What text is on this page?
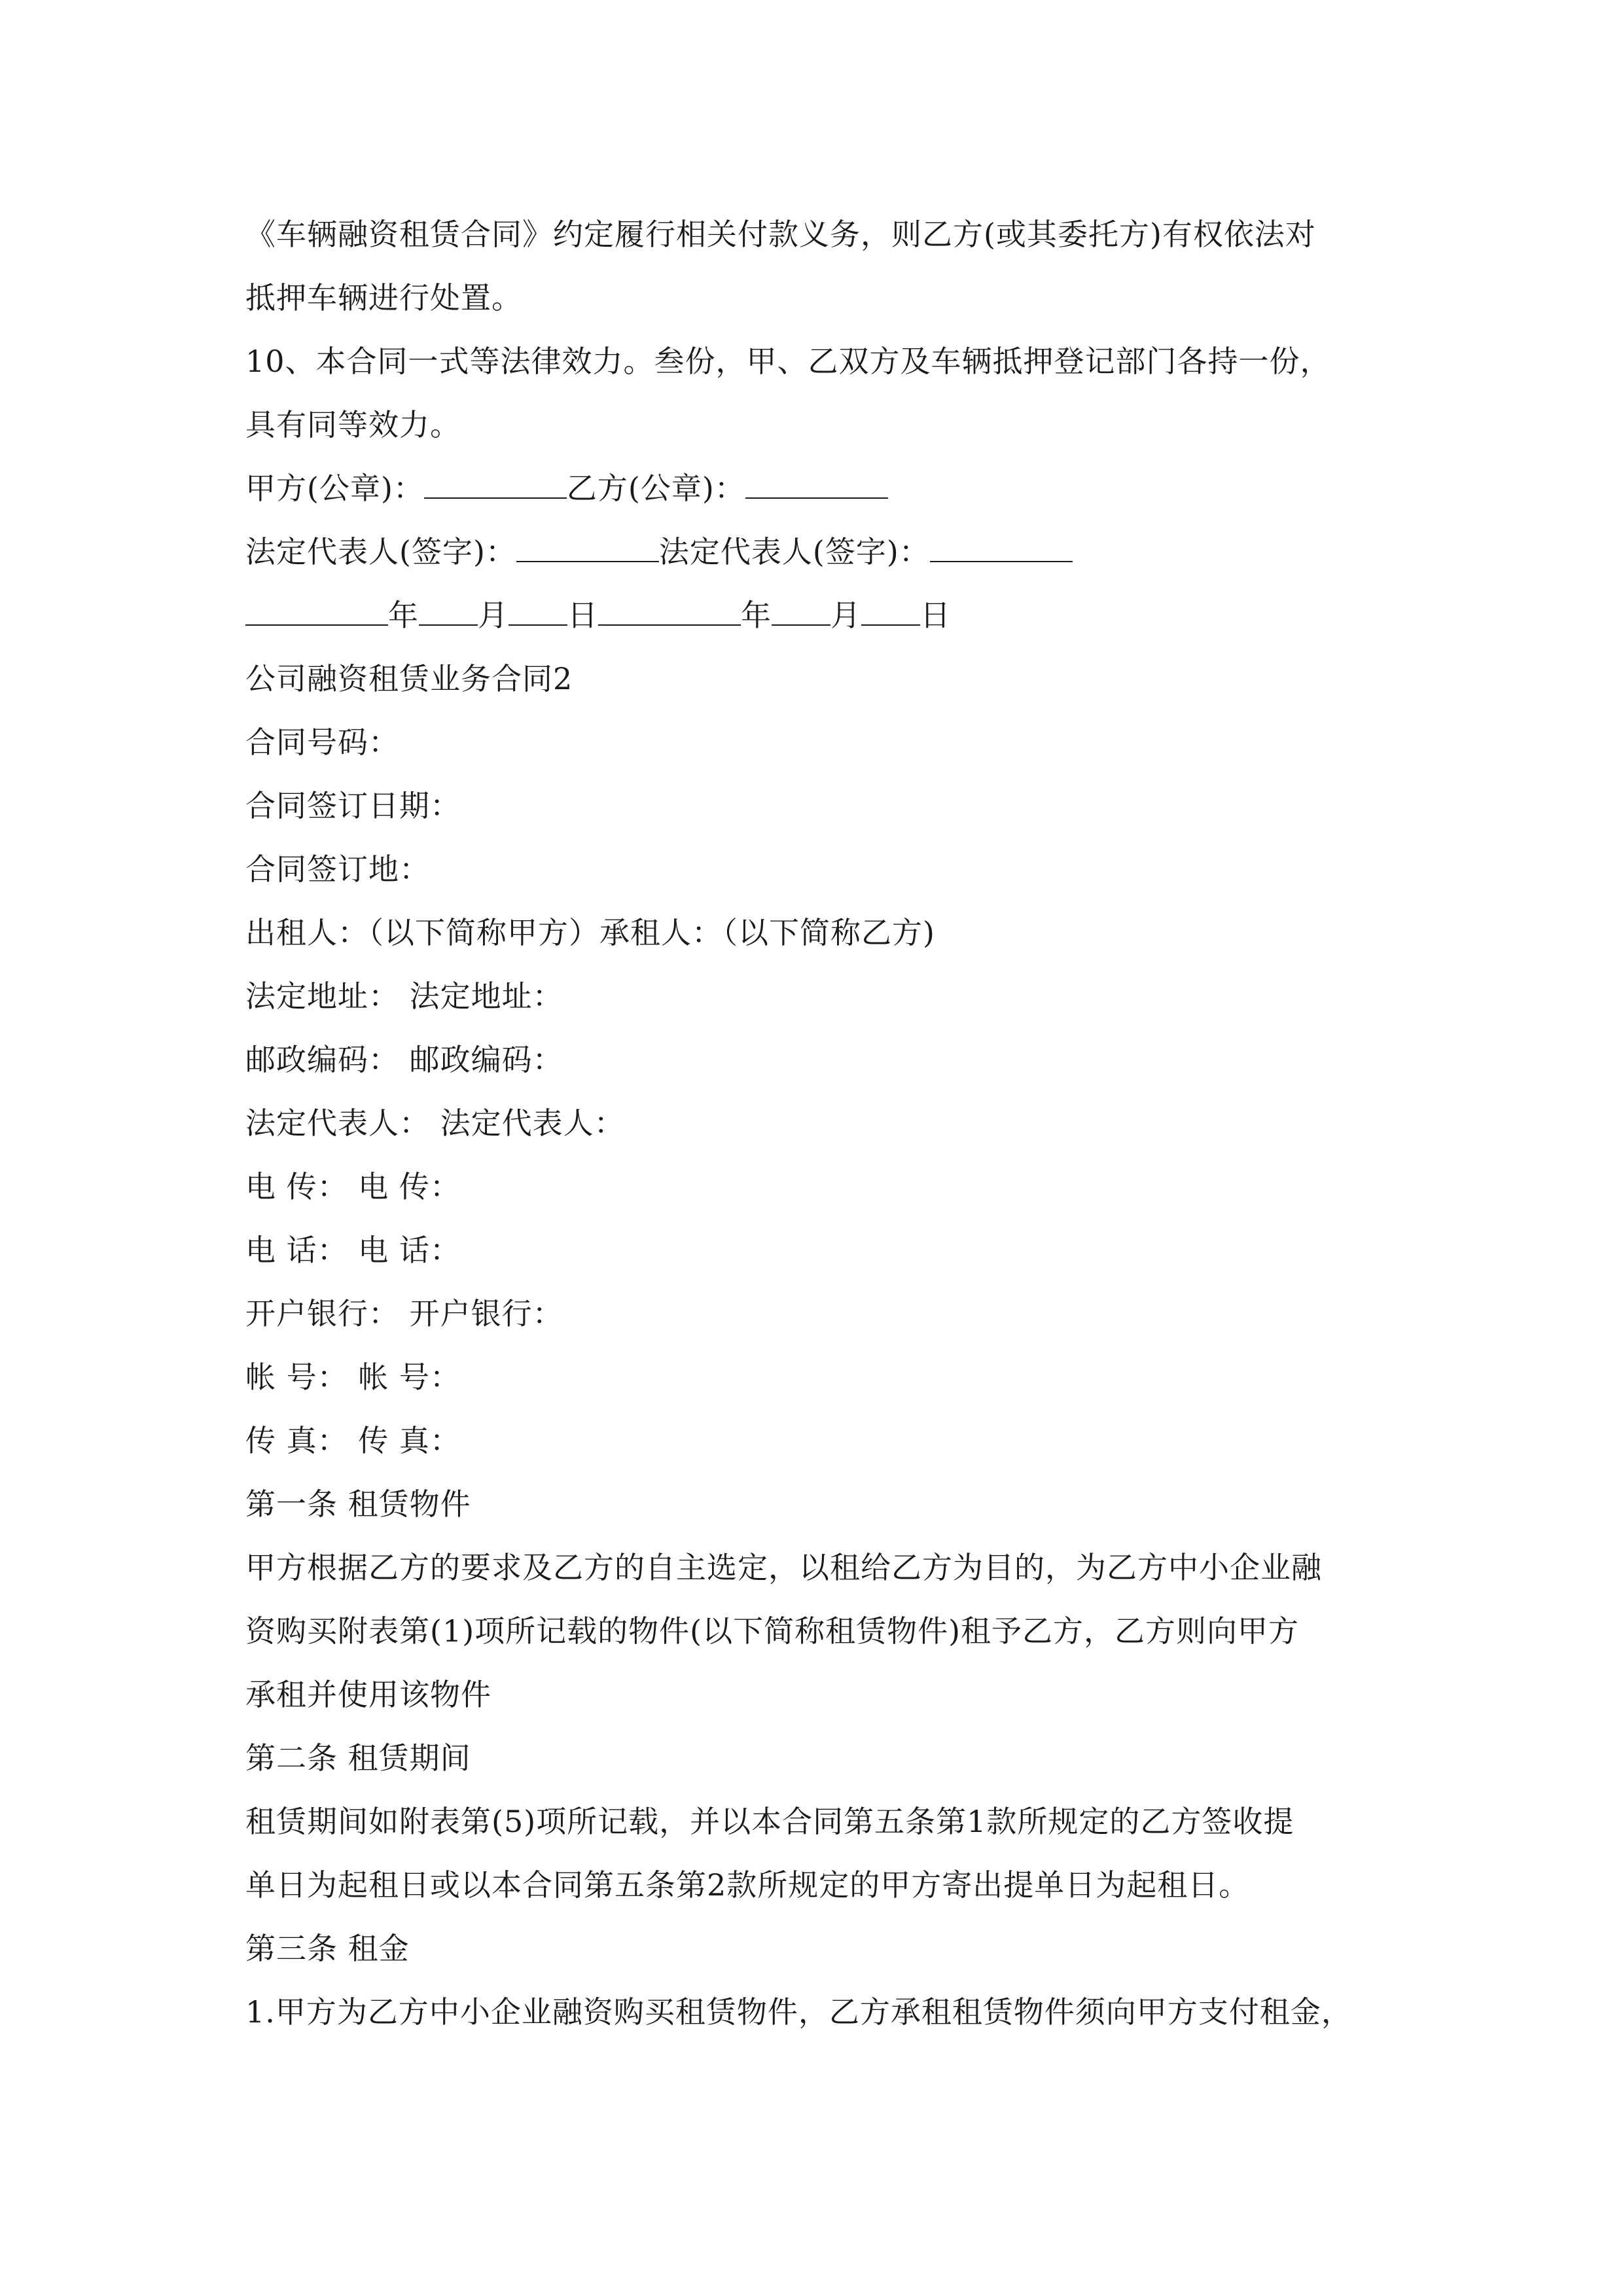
《车辆融资租赁合同》约定履行相关付款义务，则乙方(或其委托方)有权依法对
抵押车辆进行处置。
10、本合同一式等法律效力。叁份，甲、乙双方及车辆抵押登记部门各持一份，
具有同等效力。
甲方(公章)：	乙方(公章)：
法定代表人(签字)：	法定代表人(签字)：
年 月 日	年 月 日
公司融资租赁业务合同2
合同号码：
合同签订日期：
合同签订地：
出租人：（以下简称甲方）承租人：（以下简称乙方)
法定地址： 法定地址：
邮政编码： 邮政编码：
法定代表人： 法定代表人：
电 传： 电 传：
电 话： 电 话：
开户银行： 开户银行：
帐 号： 帐 号：
传 真： 传 真：
第一条 租赁物件
甲方根据乙方的要求及乙方的自主选定，以租给乙方为目的，为乙方中小企业融
资购买附表第(1)项所记载的物件(以下简称租赁物件)租予乙方，乙方则向甲方
承租并使用该物件
第二条 租赁期间
租赁期间如附表第(5)项所记载，并以本合同第五条第1款所规定的乙方签收提
单日为起租日或以本合同第五条第2款所规定的甲方寄出提单日为起租日。
第三条 租金
1.甲方为乙方中小企业融资购买租赁物件，乙方承租租赁物件须向甲方支付租金，
